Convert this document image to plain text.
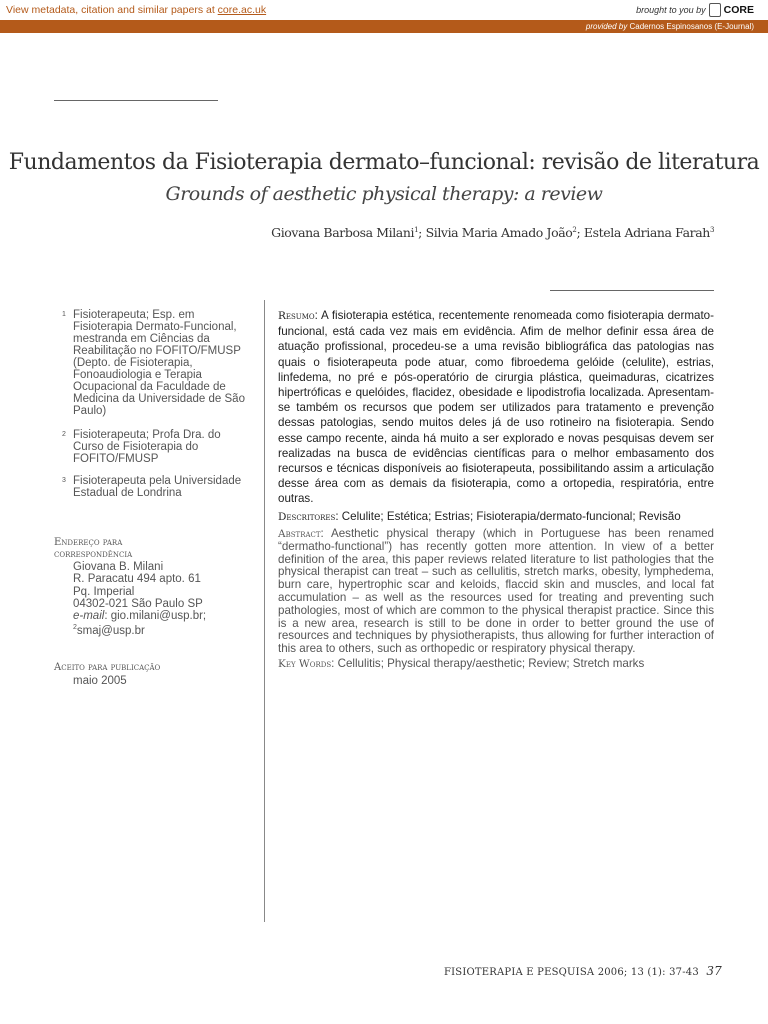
View metadata, citation and similar papers at core.ac.uk	brought to you by CORE
provided by Cadernos Espinosanos (E-Journal)
Fundamentos da Fisioterapia dermato–funcional: revisão de literatura
Grounds of aesthetic physical therapy: a review
Giovana Barbosa Milani$^1$; Silvia Maria Amado João$^2$; Estela Adriana Farah$^3$
1 Fisioterapeuta; Esp. em Fisioterapia Dermato-Funcional, mestranda em Ciências da Reabilitação no FOFITO/FMUSP (Depto. de Fisioterapia, Fonoaudiologia e Terapia Ocupacional da Faculdade de Medicina da Universidade de São Paulo)
2 Fisioterapeuta; Profa Dra. do Curso de Fisioterapia do FOFITO/FMUSP
3 Fisioterapeuta pela Universidade Estadual de Londrina
Endereço para
correspondência
Giovana B. Milani
R. Paracatu 494 apto. 61
Pq. Imperial
04302-021 São Paulo SP
e-mail: gio.milani@usp.br;
$^2$smaj@usp.br
Aceito para publicação
maio 2005
Resumo: A fisioterapia estética, recentemente renomeada como fisioterapia dermato-funcional, está cada vez mais em evidência. Afim de melhor definir essa área de atuação profissional, procedeu-se a uma revisão bibliográfica das patologias nas quais o fisioterapeuta pode atuar, como fibroedema gelóide (celulite), estrias, linfedema, no pré e pós-operatório de cirurgia plástica, queimaduras, cicatrizes hipertróficas e quelóides, flacidez, obesidade e lipodistrofia localizada. Apresentam-se também os recursos que podem ser utilizados para tratamento e prevenção dessas patologias, sendo muitos deles já de uso rotineiro na fisioterapia. Sendo esse campo recente, ainda há muito a ser explorado e novas pesquisas devem ser realizadas na busca de evidências científicas para o melhor embasamento dos recursos e técnicas disponíveis ao fisioterapeuta, possibilitando assim a articulação desse área com as demais da fisioterapia, como a ortopedia, respiratória, entre outras.
Descritores: Celulite; Estética; Estrias; Fisioterapia/dermato-funcional; Revisão
Abstract: Aesthetic physical therapy (which in Portuguese has been renamed “dermatho-functional”) has recently gotten more attention. In view of a better definition of the area, this paper reviews related literature to list pathologies that the physical therapist can treat – such as cellulitis, stretch marks, obesity, lymphedema, burn care, hypertrophic scar and keloids, flaccid skin and muscles, and local fat accumulation – as well as the resources used for treating and preventing such pathologies, most of which are common to the physical therapist practice. Since this is a new area, research is still to be done in order to better ground the use of resources and techniques by physiotherapists, thus allowing for further interaction of this area to others, such as orthopedic or respiratory physical therapy.
Key Words: Cellulitis; Physical therapy/aesthetic; Review; Stretch marks
FISIOTERAPIA E PESQUISA 2006; 13 (1): 37-43 37
